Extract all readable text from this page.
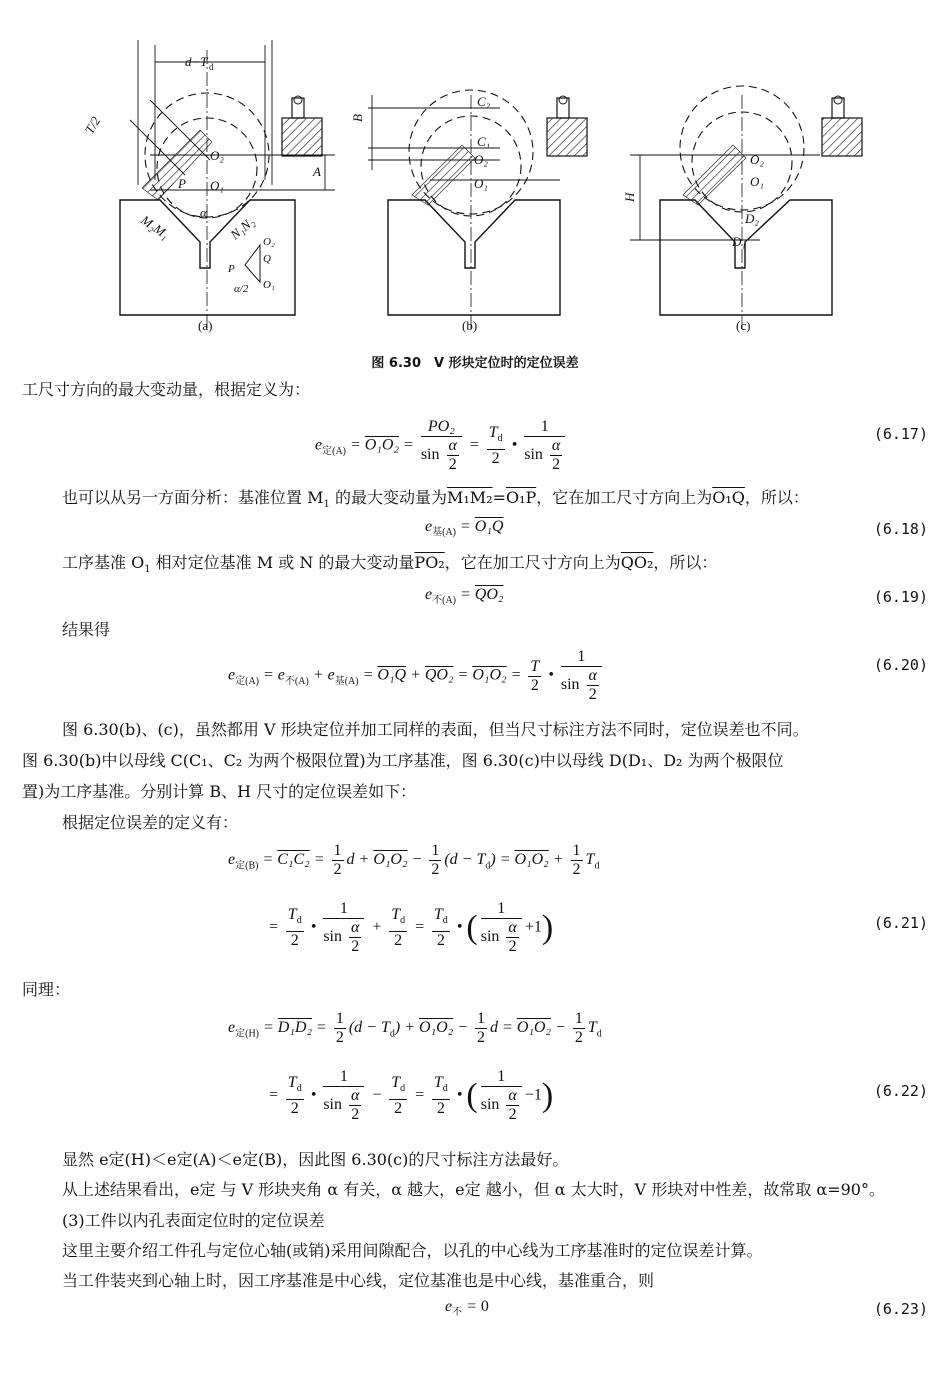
d−T d
T/2
O₂
O₁
P
A
α
M₂M₁	N₁N₂ O₂
Q
P
α/2 O₁
(a)
B
C₂
C₁
O₂
O₁
(b)
H
O₂
O₁
D₂
D₁
(c)
图 6.30　V 形块定位时的定位误差
工尺寸方向的最大变动量，根据定义为：
$e_{定(A)} = O_1O_2 = \frac{\text{PO₂}}{\sin \frac{\alpha}{2}} = \frac{T_d}{2}$ • $\frac{1}{\sin \frac{\alpha}{2}}$	(6.17)
也可以从另一方面分析：基准位置 $M_1$ 的最大变动量为M₁M₂=O₁P，它在加工尺寸方向上为O₁Q，所以：
$e_{基(A)} = O_1Q$	(6.18)
工序基准 $O_1$ 相对定位基准 M 或 N 的最大变动量PO₂，它在加工尺寸方向上为QO₂，所以：
$e_{不(A)} = QO_2$	(6.19)
结果得
$e_{定(A)} = e_{不(A)} + e_{基(A)} = O_1Q + QO_2 = O_1O_2 = \frac{T}{2}$ • $\frac{1}{\sin \frac{\alpha}{2}}$	(6.20)
图 6.30(b)、(c)，虽然都用 V 形块定位并加工同样的表面，但当尺寸标注方法不同时，定位误差也不同。
图 6.30(b)中以母线 C(C₁、C₂ 为两个极限位置)为工序基准，图 6.30(c)中以母线 D(D₁、D₂ 为两个极限位
置)为工序基准。分别计算 B、H 尺寸的定位误差如下：
根据定位误差的定义有：
$e_{定(B)} = C_1C_2 = \frac{1}{2}$ $d + O_1O_2 - \frac{1}{2} (d - T_d) = O_1O_2 + \frac{1}{2} T_d$
= $\frac{T_d}{2}$ • $\frac{1}{\sin \frac{\alpha}{2}} + \frac{T_d}{2} = \frac{T_d}{2}$ • ( $\frac{1}{\sin \frac{\alpha}{2}} +1$)	(6.21)
同理：
$e_{定(H)} = D_1D_2 = \frac{1}{2} (d - T_d) + O_1O_2 - \frac{1}{2}$ $d = O_1O_2 - \frac{1}{2} T_d$
= $\frac{T_d}{2}$ • $\frac{1}{\sin \frac{\alpha}{2}} - \frac{T_d}{2} = \frac{T_d}{2}$ • ( $\frac{1}{\sin \frac{\alpha}{2}} -1$)	(6.22)
显然 e定(H)＜e定(A)＜e定(B)，因此图 6.30(c)的尺寸标注方法最好。
从上述结果看出，e定 与 V 形块夹角 α 有关，α 越大，e定 越小，但 α 太大时，V 形块对中性差，故常取 α=90°。
(3)工件以内孔表面定位时的定位误差
这里主要介绍工件孔与定位心轴(或销)采用间隙配合，以孔的中心线为工序基准时的定位误差计算。
当工件装夹到心轴上时，因工序基准是中心线，定位基准也是中心线，基准重合，则
$e_不 = 0$	(6.23)
